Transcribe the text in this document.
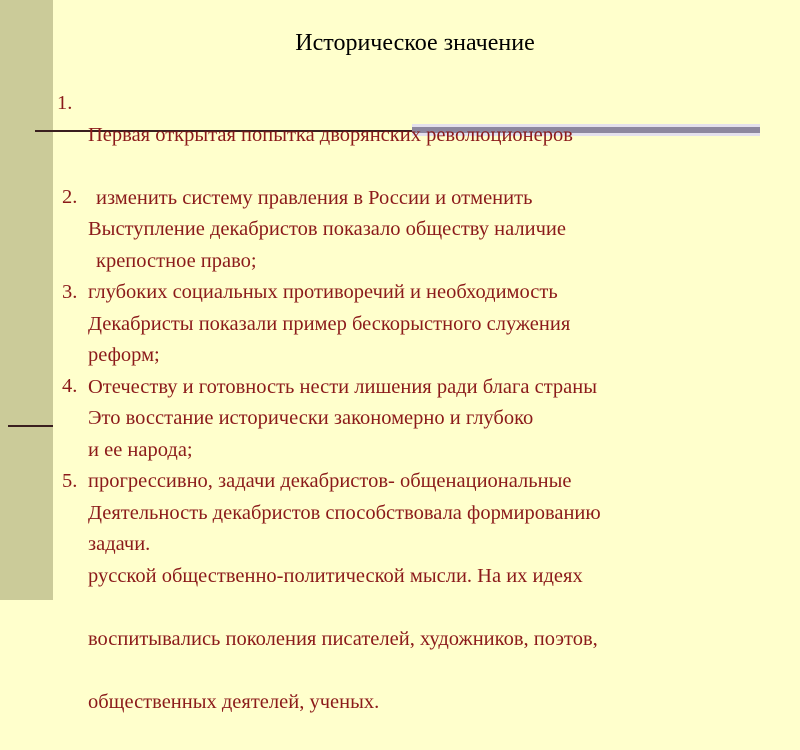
Историческое значение

1.

Первая открытая попытка дворянских революционеров

изменить систему правления в России и отменить

крепостное право;

2.

Выступление декабристов показало обществу наличие

глубоких социальных противоречий и необходимость

реформ;

3.

Декабристы показали пример бескорыстного служения

Отечеству и готовность нести лишения ради блага страны

и ее народа;

4.

Это восстание исторически закономерно и глубоко

прогрессивно, задачи декабристов- общенациональные

задачи.

5.

Деятельность декабристов способствовала формированию

русской общественно-политической мысли. На их идеях

воспитывались поколения писателей, художников, поэтов,

общественных деятелей, ученых.
